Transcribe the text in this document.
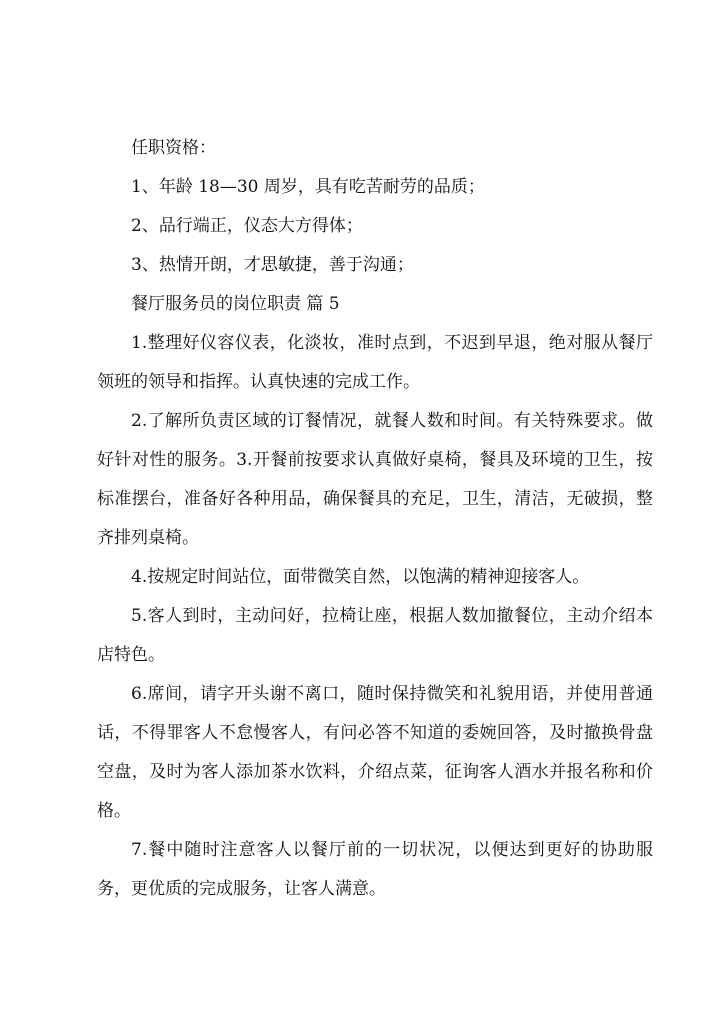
任职资格：

1、年龄 18—30 周岁，具有吃苦耐劳的品质；

2、品行端正，仪态大方得体；

3、热情开朗，才思敏捷，善于沟通；

餐厅服务员的岗位职责 篇 5

1.整理好仪容仪表，化淡妆，准时点到，不迟到早退，绝对服从餐厅领班的领导和指挥。认真快速的完成工作。

2.了解所负责区域的订餐情况，就餐人数和时间。有关特殊要求。做好针对性的服务。3.开餐前按要求认真做好桌椅，餐具及环境的卫生，按标准摆台，准备好各种用品，确保餐具的充足，卫生，清洁，无破损，整齐排列桌椅。

4.按规定时间站位，面带微笑自然，以饱满的精神迎接客人。

5.客人到时，主动问好，拉椅让座，根据人数加撤餐位，主动介绍本店特色。

6.席间，请字开头谢不离口，随时保持微笑和礼貌用语，并使用普通话，不得罪客人不怠慢客人，有问必答不知道的委婉回答，及时撤换骨盘空盘，及时为客人添加茶水饮料，介绍点菜，征询客人酒水并报名称和价格。

7.餐中随时注意客人以餐厅前的一切状况，以便达到更好的协助服务，更优质的完成服务，让客人满意。
